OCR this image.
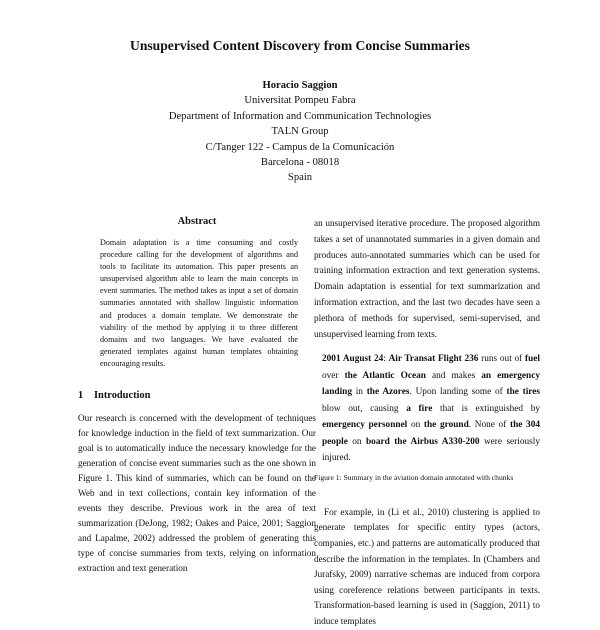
Unsupervised Content Discovery from Concise Summaries
Horacio Saggion
Universitat Pompeu Fabra
Department of Information and Communication Technologies
TALN Group
C/Tanger 122 - Campus de la Comunicación
Barcelona - 08018
Spain
Abstract
Domain adaptation is a time consuming and costly procedure calling for the development of algorithms and tools to facilitate its automation. This paper presents an unsupervised algorithm able to learn the main concepts in event summaries. The method takes as input a set of domain summaries annotated with shallow linguistic information and produces a domain template. We demonstrate the viability of the method by applying it to three different domains and two languages. We have evaluated the generated templates against human templates obtaining encouraging results.
1 Introduction

Our research is concerned with the development of techniques for knowledge induction in the field of text summarization. Our goal is to automatically induce the necessary knowledge for the generation of concise event summaries such as the one shown in Figure 1. This kind of summaries, which can be found on the Web and in text collections, contain key information of the events they describe. Previous work in the area of text summarization (DeJong, 1982; Oakes and Paice, 2001; Saggion and Lapalme, 2002) addressed the problem of generating this type of concise summaries from texts, relying on information extraction and text generation

an unsupervised iterative procedure. The proposed algorithm takes a set of unannotated summaries in a given domain and produces auto-annotated summaries which can be used for training information extraction and text generation systems. Domain adaptation is essential for text summarization and information extraction, and the last two decades have seen a plethora of methods for supervised, semi-supervised, and unsupervised learning from texts.
2001 August 24: Air Transat Flight 236 runs out of fuel over the Atlantic Ocean and makes an emergency landing in the Azores. Upon landing some of the tires blow out, causing a fire that is extinguished by emergency personnel on the ground. None of the 304 people on board the Airbus A330-200 were seriously injured.
Figure 1: Summary in the aviation domain annotated with chunks
For example, in (Li et al., 2010) clustering is applied to generate templates for specific entity types (actors, companies, etc.) and patterns are automatically produced that describe the information in the templates. In (Chambers and Jurafsky, 2009) narrative schemas are induced from corpora using coreference relations between participants in texts. Transformation-based learning is used in (Saggion, 2011) to induce templates
